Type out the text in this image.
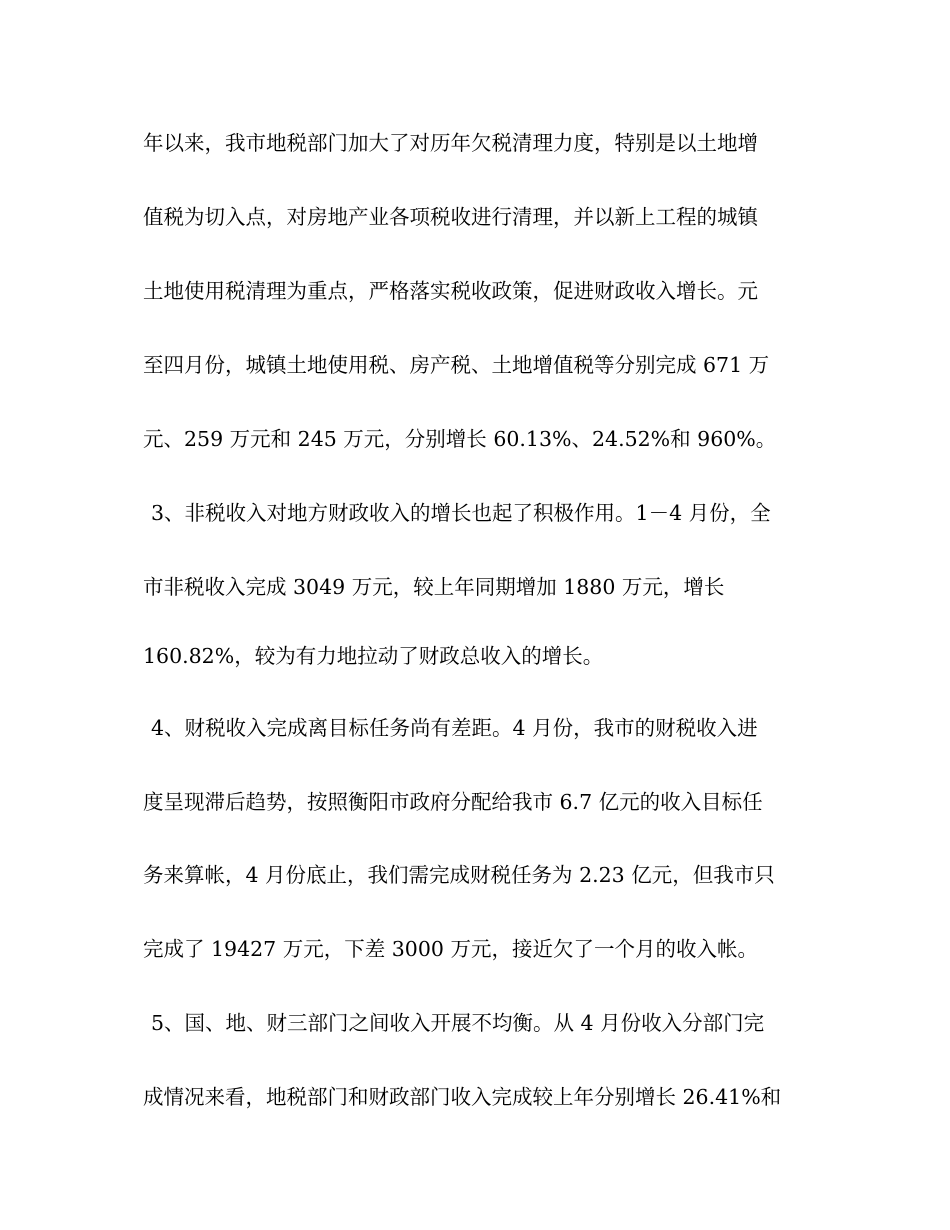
年以来，我市地税部门加大了对历年欠税清理力度，特别是以土地增
值税为切入点，对房地产业各项税收进行清理，并以新上工程的城镇
土地使用税清理为重点，严格落实税收政策，促进财政收入增长。元
至四月份，城镇土地使用税、房产税、土地增值税等分别完成 671 万
元、259 万元和 245 万元，分别增长 60.13%、24.52%和 960%。
3、非税收入对地方财政收入的增长也起了积极作用。1－4 月份，全
市非税收入完成 3049 万元，较上年同期增加 1880 万元，增长
160.82%，较为有力地拉动了财政总收入的增长。
4、财税收入完成离目标任务尚有差距。4 月份，我市的财税收入进
度呈现滞后趋势，按照衡阳市政府分配给我市 6.7 亿元的收入目标任
务来算帐，4 月份底止，我们需完成财税任务为 2.23 亿元，但我市只
完成了 19427 万元，下差 3000 万元，接近欠了一个月的收入帐。
5、国、地、财三部门之间收入开展不均衡。从 4 月份收入分部门完
成情况来看，地税部门和财政部门收入完成较上年分别增长 26.41%和
